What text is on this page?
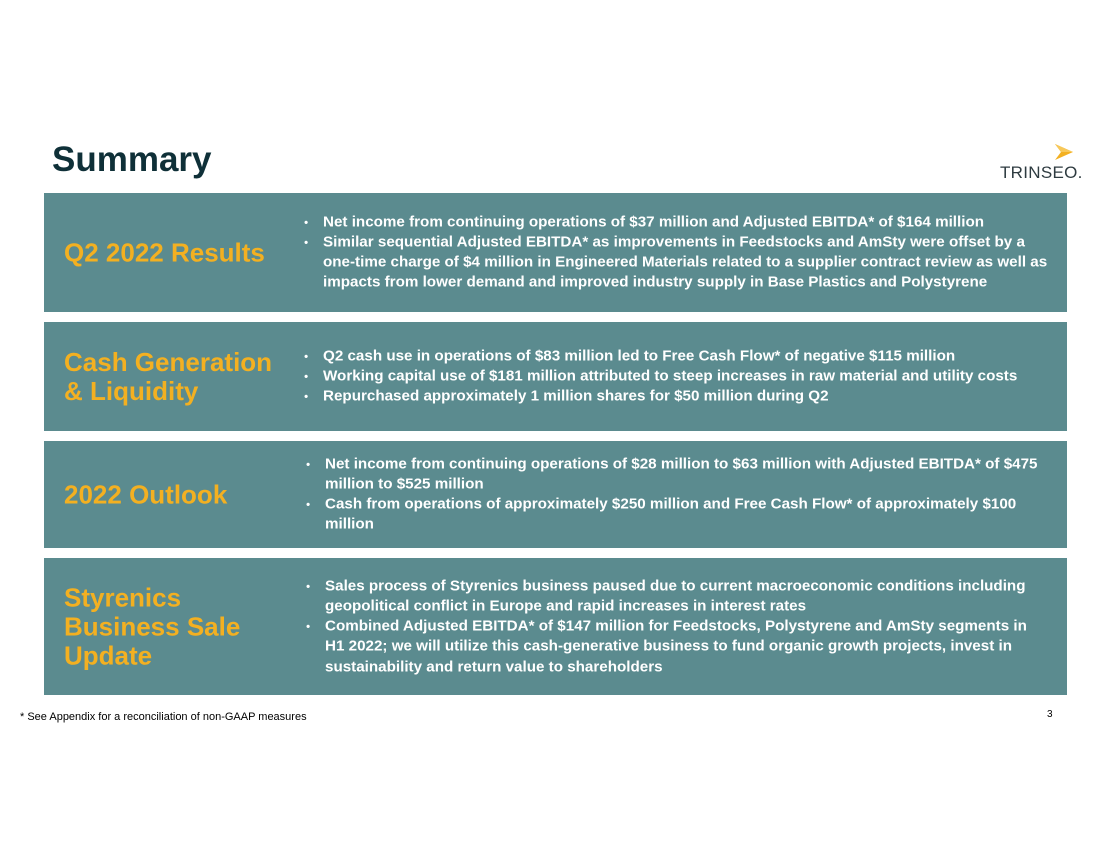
Summary	TRINSEO.
Q2 2022 Results
• Net income from continuing operations of $37 million and Adjusted EBITDA* of $164 million
• Similar sequential Adjusted EBITDA* as improvements in Feedstocks and AmSty were offset by a one-time charge of $4 million in Engineered Materials related to a supplier contract review as well as impacts from lower demand and improved industry supply in Base Plastics and Polystyrene
Cash Generation & Liquidity
• Q2 cash use in operations of $83 million led to Free Cash Flow* of negative $115 million
• Working capital use of $181 million attributed to steep increases in raw material and utility costs
• Repurchased approximately 1 million shares for $50 million during Q2
2022 Outlook
• Net income from continuing operations of $28 million to $63 million with Adjusted EBITDA* of $475 million to $525 million
• Cash from operations of approximately $250 million and Free Cash Flow* of approximately $100 million
Styrenics Business Sale Update
• Sales process of Styrenics business paused due to current macroeconomic conditions including geopolitical conflict in Europe and rapid increases in interest rates
• Combined Adjusted EBITDA* of $147 million for Feedstocks, Polystyrene and AmSty segments in H1 2022; we will utilize this cash-generative business to fund organic growth projects, invest in sustainability and return value to shareholders
* See Appendix for a reconciliation of non-GAAP measures	3
